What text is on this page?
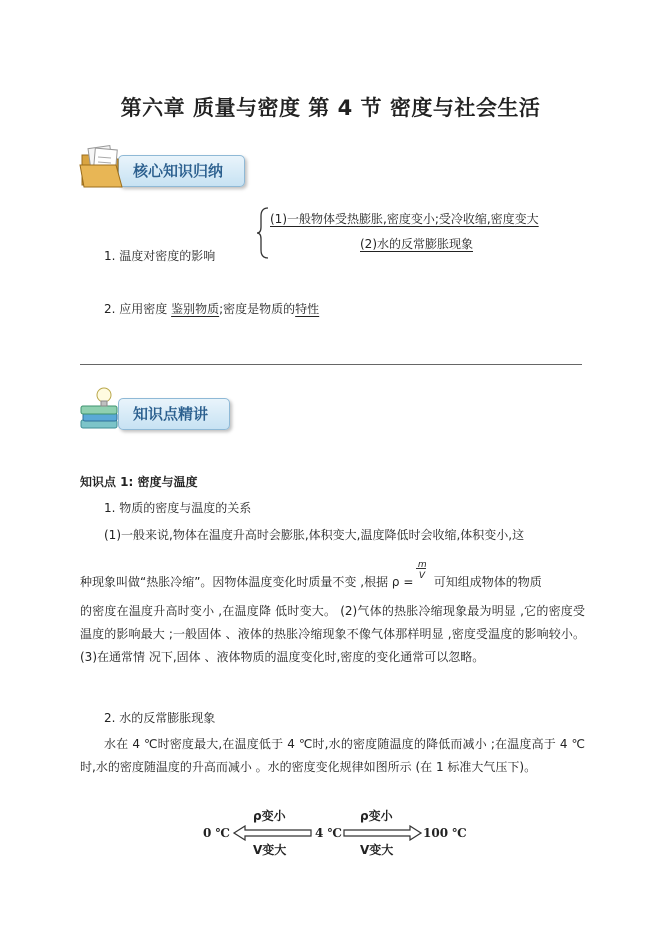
第六章 质量与密度 第 4 节 密度与社会生活
核心知识归纳
1. 温度对密度的影响
(1)一般物体受热膨胀,密度变小;受冷收缩,密度变大
(2)水的反常膨胀现象
2. 应用密度 鉴别物质;密度是物质的特性
知识点精讲
知识点 1: 密度与温度
1. 物质的密度与温度的关系
(1)一般来说,物体在温度升高时会膨胀,体积变大,温度降低时会收缩,体积变小,这
种现象叫做“热胀冷缩”。因物体温度变化时质量不变 ,根据 ρ =
m
V 可知组成物体的物质
的密度在温度升高时变小 ,在温度降 低时变大。 (2)气体的热胀冷缩现象最为明显 ,它的密度受温度的影响最大 ;一般固体 、液体的热胀冷缩现象不像气体那样明显 ,密度受温度的影响较小。 (3)在通常情 况下,固体 、液体物质的温度变化时,密度的变化通常可以忽略。
2. 水的反常膨胀现象
水在 4 ℃时密度最大,在温度低于 4 ℃时,水的密度随温度的降低而减小 ;在温度高于 4 ℃时,水的密度随温度的升高而减小 。水的密度变化规律如图所示 (在 1 标准大气压下)。
0 ℃	4 ℃	100 ℃
ρ变小
V变大
ρ变小
V变大
